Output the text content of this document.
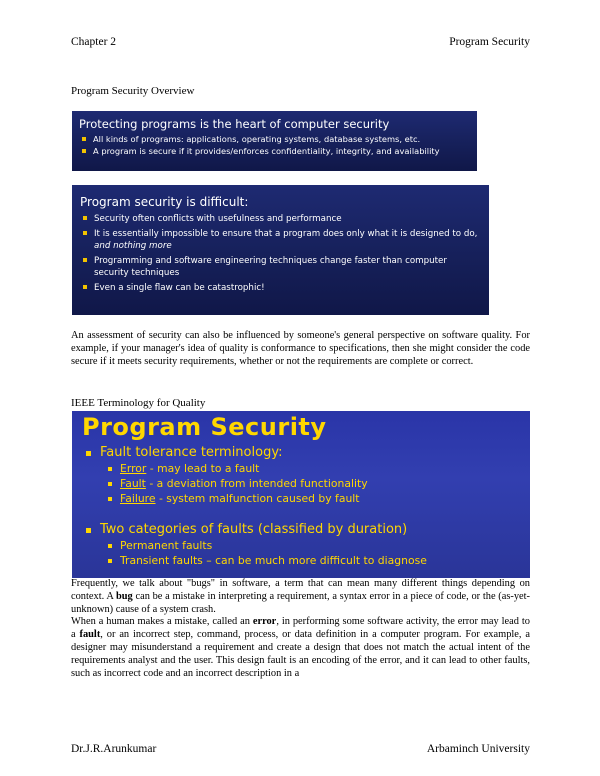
Chapter 2	Program Security
Program Security Overview
Protecting programs is the heart of computer security
All kinds of programs: applications, operating systems, database systems, etc.
A program is secure if it provides/enforces confidentiality, integrity, and availability
Program security is difficult:
Security often conflicts with usefulness and performance
It is essentially impossible to ensure that a program does only what it is designed to do, and nothing more
Programming and software engineering techniques change faster than computer security techniques
Even a single flaw can be catastrophic!
An assessment of security can also be influenced by someone's general perspective on software quality. For example, if your manager's idea of quality is conformance to specifications, then she might consider the code secure if it meets security requirements, whether or not the requirements are complete or correct.
IEEE Terminology for Quality
Program Security
Fault tolerance terminology:
Error - may lead to a fault
Fault - a deviation from intended functionality
Failure - system malfunction caused by fault
Two categories of faults (classified by duration)
Permanent faults
Transient faults – can be much more difficult to diagnose
Frequently, we talk about "bugs" in software, a term that can mean many different things depending on context. A bug can be a mistake in interpreting a requirement, a syntax error in a piece of code, or the (as-yet-unknown) cause of a system crash.
When a human makes a mistake, called an error, in performing some software activity, the error may lead to a fault, or an incorrect step, command, process, or data definition in a computer program. For example, a designer may misunderstand a requirement and create a design that does not match the actual intent of the requirements analyst and the user. This design fault is an encoding of the error, and it can lead to other faults, such as incorrect code and an incorrect description in a
Dr.J.R.Arunkumar	Arbaminch University
